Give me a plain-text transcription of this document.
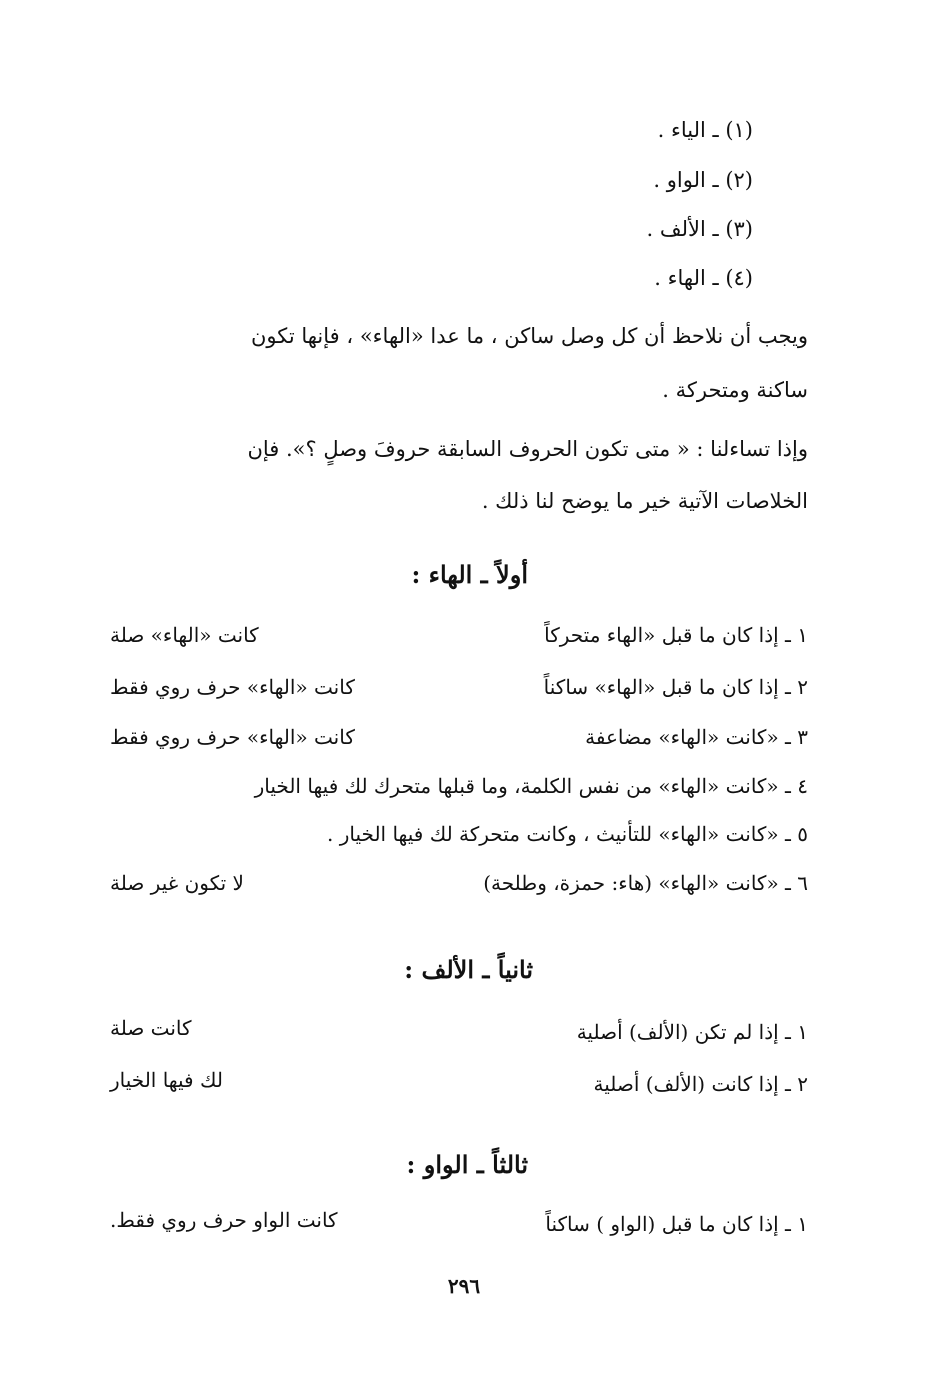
(١) ـ الياء .
(٢) ـ الواو .
(٣) ـ الألف .
(٤) ـ الهاء .
ويجب أن نلاحظ أن كل وصل ساكن ، ما عدا «الهاء» ، فإنها تكون
ساكنة ومتحركة .
وإذا تساءلنا : « متى تكون الحروف السابقة حروفَ وصلٍ ؟». فإن
الخلاصات الآتية خير ما يوضح لنا ذلك .
أولاً ـ الهاء :
١ ـ إذا كان ما قبل «الهاء متحركاً
كانت «الهاء» صلة
٢ ـ إذا كان ما قبل «الهاء» ساكناً
كانت «الهاء» حرف روي فقط
٣ ـ «كانت «الهاء» مضاعفة
كانت «الهاء» حرف روي فقط
٤ ـ «كانت «الهاء» من نفس الكلمة، وما قبلها متحرك لك فيها الخيار
٥ ـ «كانت «الهاء» للتأنيث ، وكانت متحركة لك فيها الخيار .
٦ ـ «كانت «الهاء» (هاء: حمزة، وطلحة)
لا تكون غير صلة
ثانياً ـ الألف :
١ ـ إذا لم تكن (الألف) أصلية
كانت صلة
٢ ـ إذا كانت (الألف) أصلية
لك فيها الخيار
ثالثاً ـ الواو :
١ ـ إذا كان ما قبل (الواو ) ساكناً
كانت الواو حرف روي فقط.
٢٩٦
